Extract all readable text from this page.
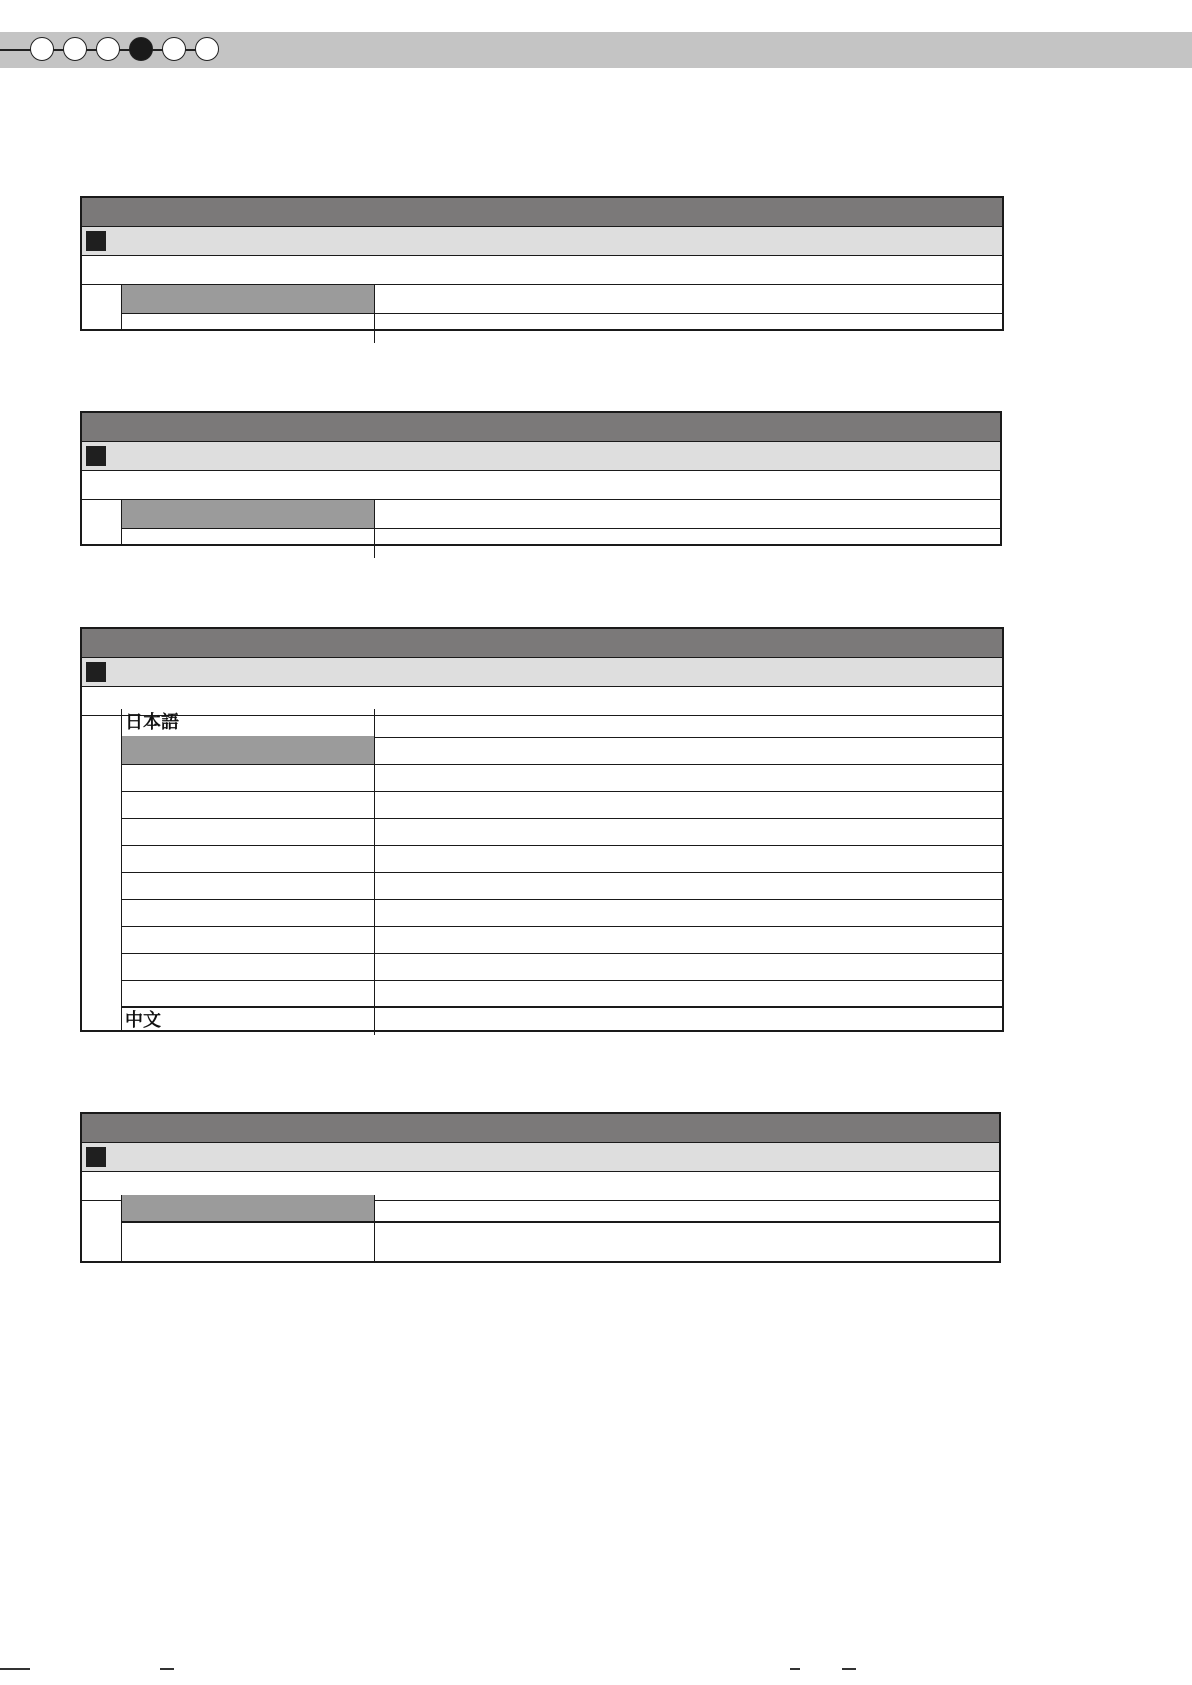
日本語
中文
